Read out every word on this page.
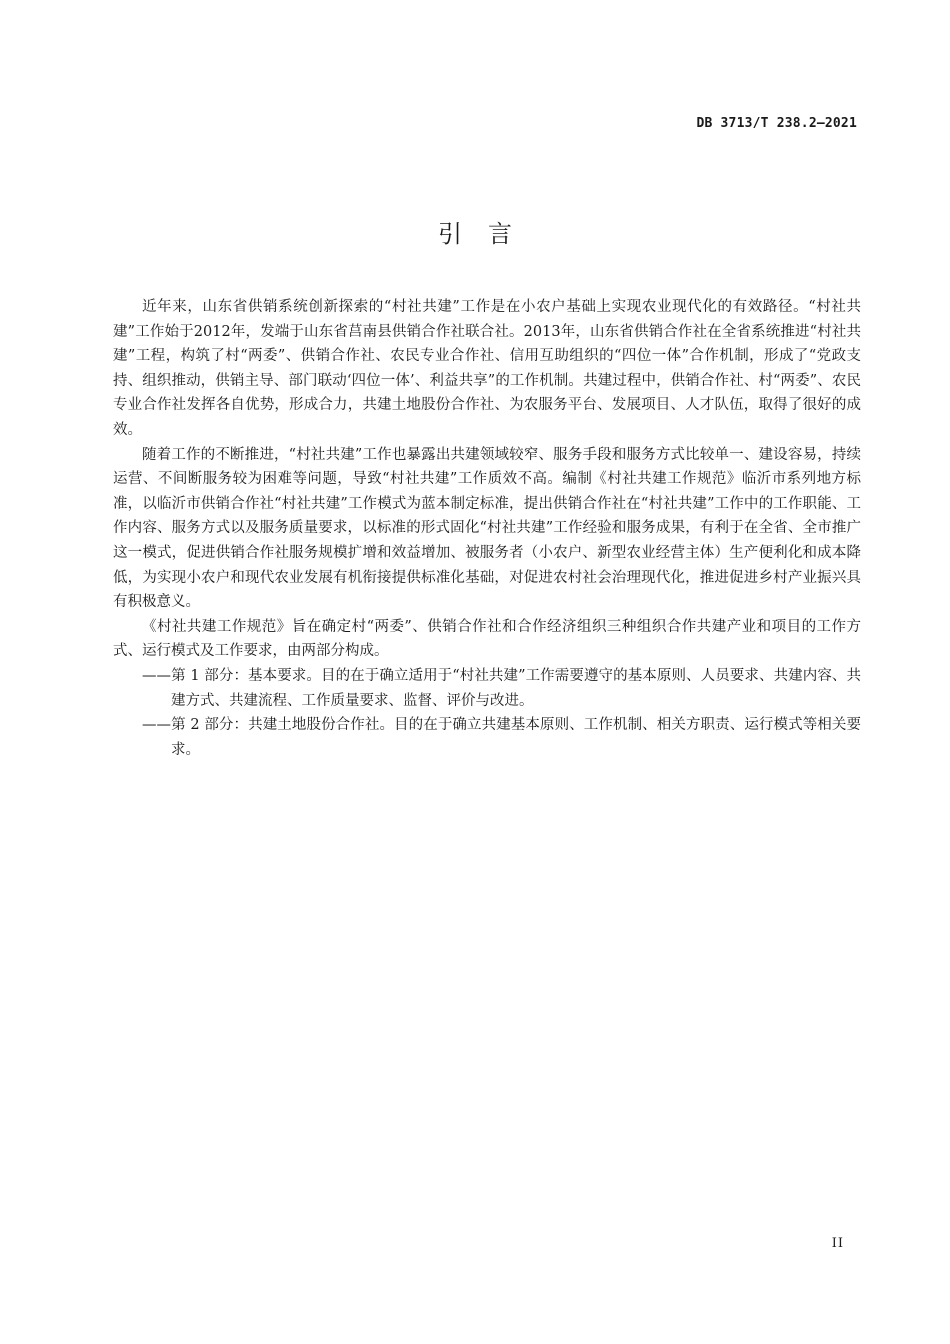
DB 3713/T 238.2—2021
引言

近年来，山东省供销系统创新探索的“村社共建”工作是在小农户基础上实现农业现代化的有效路径。“村社共建”工作始于2012年，发端于山东省莒南县供销合作社联合社。2013年，山东省供销合作社在全省系统推进“村社共建”工程，构筑了村“两委”、供销合作社、农民专业合作社、信用互助组织的“四位一体”合作机制，形成了“党政支持、组织推动，供销主导、部门联动‘四位一体’、利益共享”的工作机制。共建过程中，供销合作社、村“两委”、农民专业合作社发挥各自优势，形成合力，共建土地股份合作社、为农服务平台、发展项目、人才队伍，取得了很好的成效。

随着工作的不断推进，“村社共建”工作也暴露出共建领域较窄、服务手段和服务方式比较单一、建设容易，持续运营、不间断服务较为困难等问题，导致“村社共建”工作质效不高。编制《村社共建工作规范》临沂市系列地方标准，以临沂市供销合作社“村社共建”工作模式为蓝本制定标准，提出供销合作社在“村社共建”工作中的工作职能、工作内容、服务方式以及服务质量要求，以标准的形式固化“村社共建”工作经验和服务成果，有利于在全省、全市推广这一模式，促进供销合作社服务规模扩增和效益增加、被服务者（小农户、新型农业经营主体）生产便利化和成本降低，为实现小农户和现代农业发展有机衔接提供标准化基础，对促进农村社会治理现代化，推进促进乡村产业振兴具有积极意义。

《村社共建工作规范》旨在确定村“两委”、供销合作社和合作经济组织三种组织合作共建产业和项目的工作方式、运行模式及工作要求，由两部分构成。

——第 1 部分：基本要求。目的在于确立适用于“村社共建”工作需要遵守的基本原则、人员要求、共建内容、共建方式、共建流程、工作质量要求、监督、评价与改进。

——第 2 部分：共建土地股份合作社。目的在于确立共建基本原则、工作机制、相关方职责、运行模式等相关要求。

II
